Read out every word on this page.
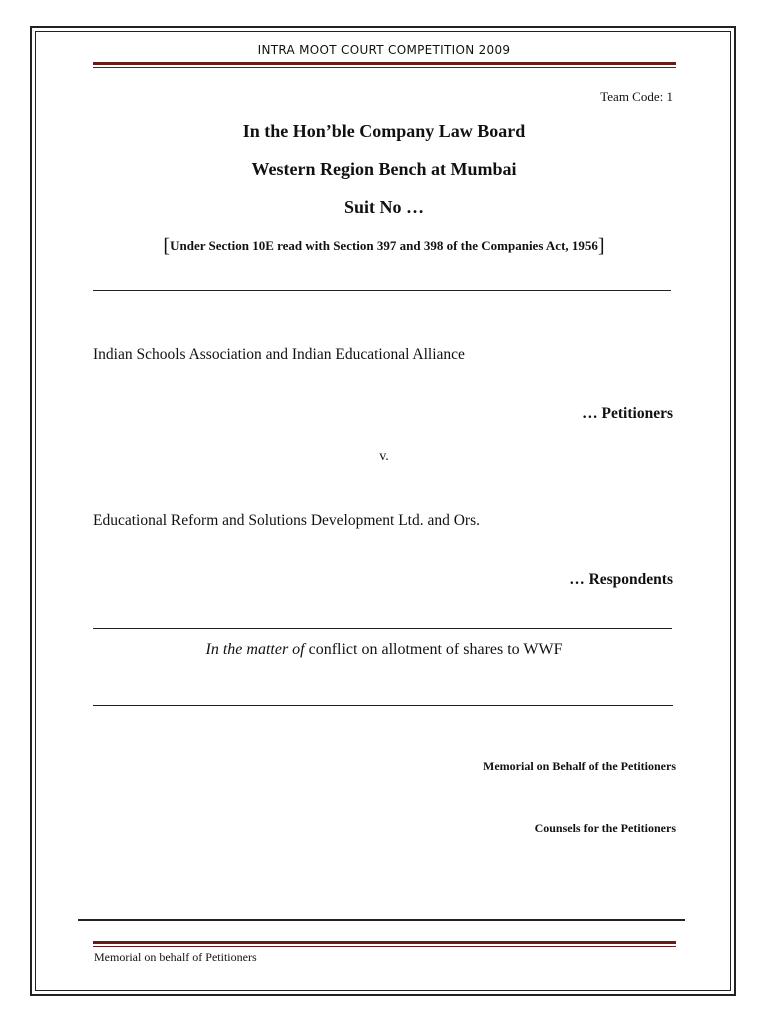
INTRA MOOT COURT COMPETITION 2009
Team Code: 1
In the Hon’ble Company Law Board
Western Region Bench at Mumbai
Suit No …
[Under Section 10E read with Section 397 and 398 of the Companies Act, 1956]
Indian Schools Association and Indian Educational Alliance
… Petitioners
v.
Educational Reform and Solutions Development Ltd. and Ors.
… Respondents
In the matter of conflict on allotment of shares to WWF
Memorial on Behalf of the Petitioners
Counsels for the Petitioners
Memorial on behalf of Petitioners
